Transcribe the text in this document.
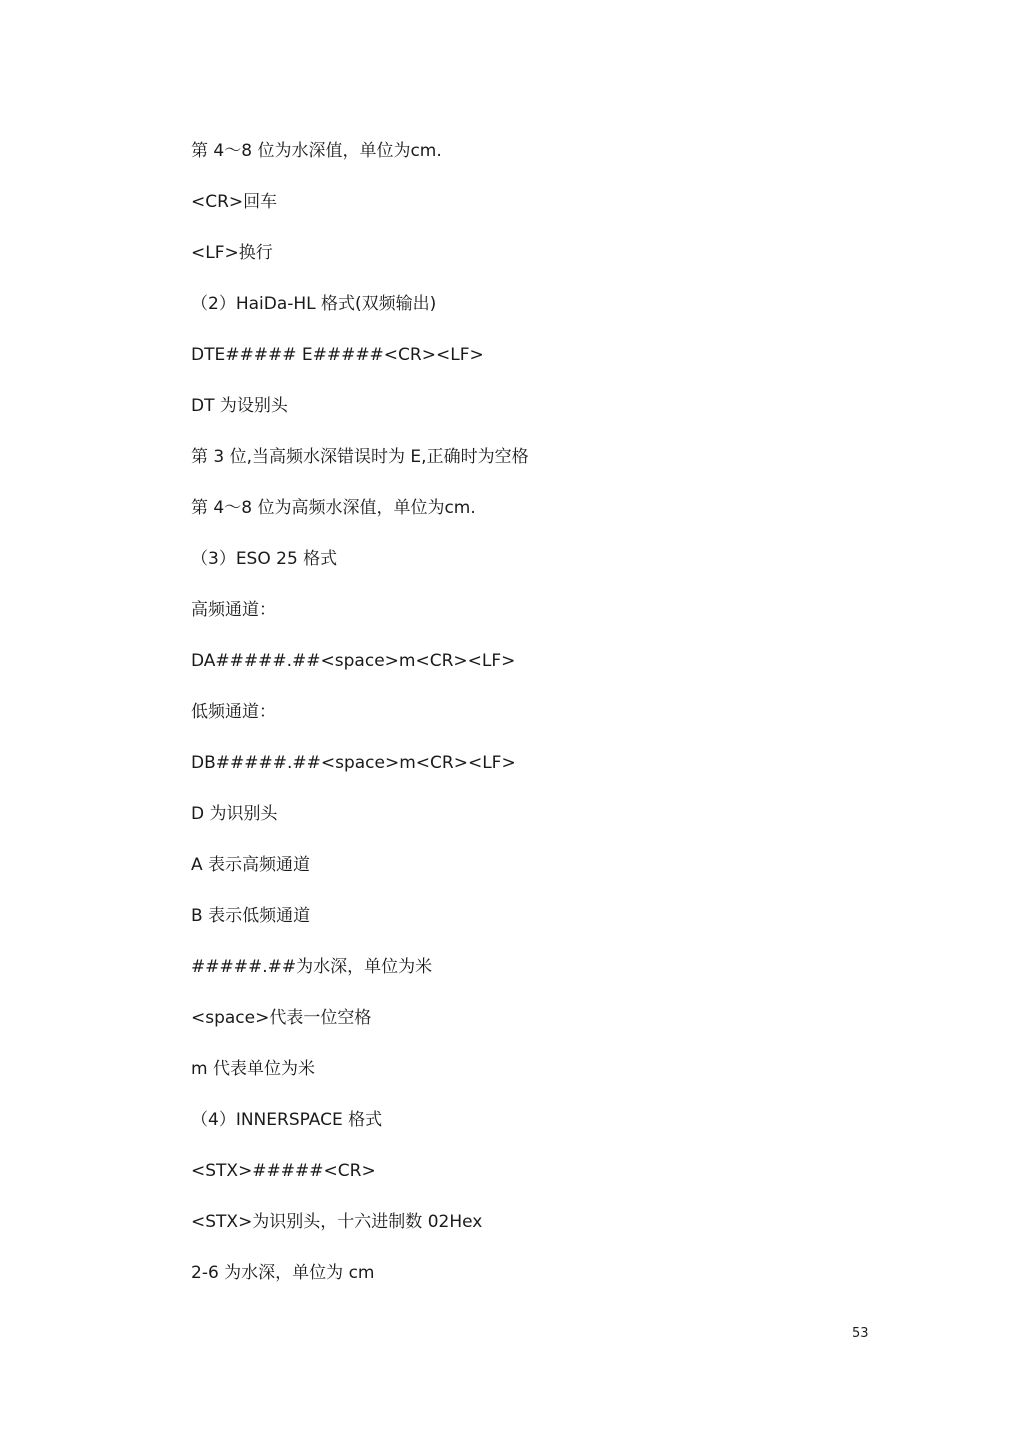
第 4～8 位为水深值，单位为cm.
<CR>回车
<LF>换行
（2）HaiDa-HL 格式(双频输出)
DTE##### E#####<CR><LF>
DT 为设别头
第 3 位,当高频水深错误时为 E,正确时为空格
第 4～8 位为高频水深值，单位为cm.
（3）ESO 25 格式
高频通道：
DA#####.##<space>m<CR><LF>
低频通道：
DB#####.##<space>m<CR><LF>
D 为识别头
A 表示高频通道
B 表示低频通道
#####.##为水深，单位为米
<space>代表一位空格
m 代表单位为米
（4）INNERSPACE 格式
<STX>#####<CR>
<STX>为识别头，十六进制数 02Hex
2-6 为水深，单位为 cm
53
